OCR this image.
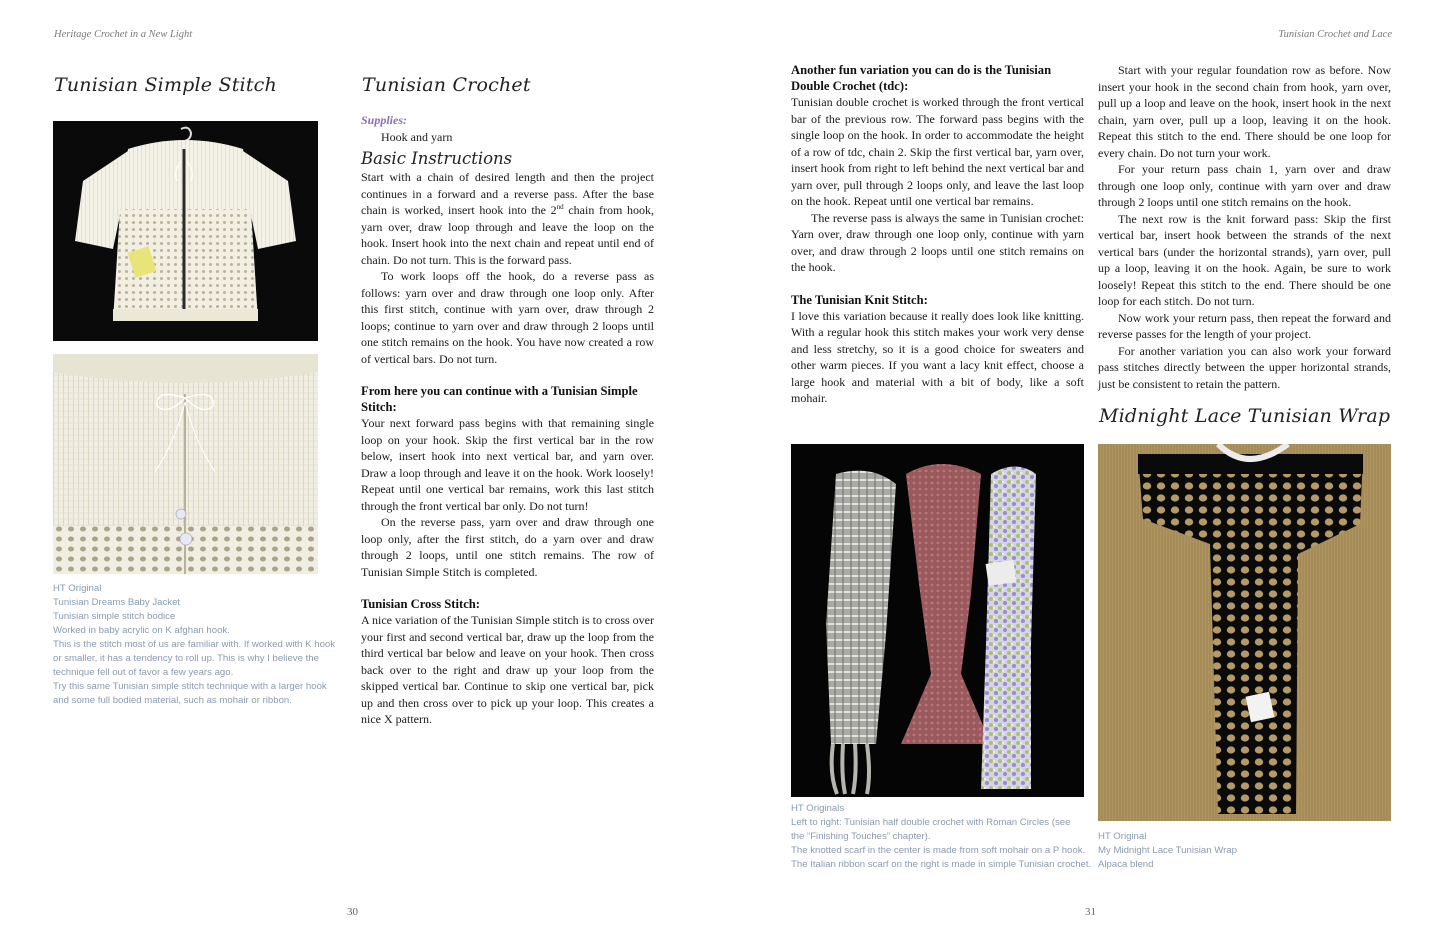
Heritage Crochet in a New Light
Tunisian Simple Stitch
HT Original
Tunisian Dreams Baby Jacket
Tunisian simple stitch bodice
Worked in baby acrylic on K afghan hook.
This is the stitch most of us are familiar with. If worked with K hook
or smaller, it has a tendency to roll up. This is why I believe the
technique fell out of favor a few years ago.
Try this same Tunisian simple stitch technique with a larger hook
and some full bodied material, such as mohair or ribbon.
Tunisian Crochet
Supplies:

Hook and yarn

Basic Instructions

Start with a chain of desired length and then the project continues in a forward and a reverse pass. After the base chain is worked, insert hook into the 2nd chain from hook, yarn over, draw loop through and leave the loop on the hook. Insert hook into the next chain and repeat until end of chain. Do not turn. This is the forward pass.

To work loops off the hook, do a reverse pass as follows: yarn over and draw through one loop only. After this first stitch, continue with yarn over, draw through 2 loops; continue to yarn over and draw through 2 loops until one stitch remains on the hook. You have now created a row of vertical bars. Do not turn.

From here you can continue with a Tunisian Simple Stitch:

Your next forward pass begins with that remaining single loop on your hook. Skip the first vertical bar in the row below, insert hook into next vertical bar, and yarn over. Draw a loop through and leave it on the hook. Work loosely! Repeat until one vertical bar remains, work this last stitch through the front vertical bar only. Do not turn!

On the reverse pass, yarn over and draw through one loop only, after the first stitch, do a yarn over and draw through 2 loops, until one stitch remains. The row of Tunisian Simple Stitch is completed.

Tunisian Cross Stitch:

A nice variation of the Tunisian Simple stitch is to cross over your first and second vertical bar, draw up the loop from the third vertical bar below and leave on your hook. Then cross back over to the right and draw up your loop from the skipped vertical bar. Continue to skip one vertical bar, pick up and then cross over to pick up your loop. This creates a nice X pattern.

30
Tunisian Crochet and Lace
Another fun variation you can do is the Tunisian Double Crochet (tdc):

Tunisian double crochet is worked through the front vertical bar of the previous row. The forward pass begins with the single loop on the hook. In order to accommodate the height of a row of tdc, chain 2. Skip the first vertical bar, yarn over, insert hook from right to left behind the next vertical bar and yarn over, pull through 2 loops only, and leave the last loop on the hook. Repeat until one vertical bar remains.

The reverse pass is always the same in Tunisian crochet: Yarn over, draw through one loop only, continue with yarn over, and draw through 2 loops until one stitch remains on the hook.

The Tunisian Knit Stitch:

I love this variation because it really does look like knitting. With a regular hook this stitch makes your work very dense and less stretchy, so it is a good choice for sweaters and other warm pieces. If you want a lacy knit effect, choose a large hook and material with a bit of body, like a soft mohair.

Start with your regular foundation row as before. Now insert your hook in the second chain from hook, yarn over, pull up a loop and leave on the hook, insert hook in the next chain, yarn over, pull up a loop, leaving it on the hook. Repeat this stitch to the end. There should be one loop for every chain. Do not turn your work.

For your return pass chain 1, yarn over and draw through one loop only, continue with yarn over and draw through 2 loops until one stitch remains on the hook.

The next row is the knit forward pass: Skip the first vertical bar, insert hook between the strands of the next vertical bars (under the horizontal strands), yarn over, pull up a loop, leaving it on the hook. Again, be sure to work loosely! Repeat this stitch to the end. There should be one loop for each stitch. Do not turn.

Now work your return pass, then repeat the forward and reverse passes for the length of your project.

For another variation you can also work your forward pass stitches directly between the upper horizontal strands, just be consistent to retain the pattern.

Midnight Lace Tunisian Wrap
HT Originals
Left to right: Tunisian half double crochet with Roman Circles (see
the “Finishing Touches” chapter).
The knotted scarf in the center is made from soft mohair on a P hook.
The Italian ribbon scarf on the right is made in simple Tunisian crochet.
HT Original
My Midnight Lace Tunisian Wrap
Alpaca blend
31
